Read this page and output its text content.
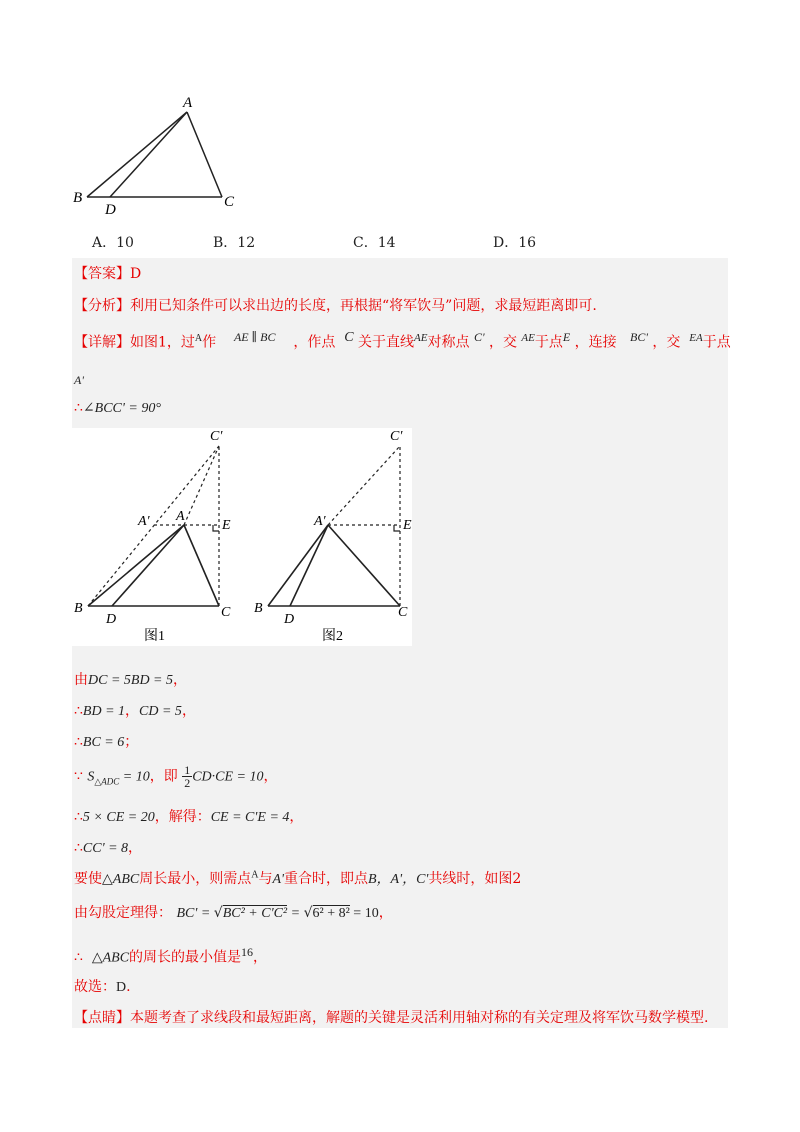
A
B	C
D
A．10	B．12	C．14	D．16
【答案】D
【分析】利用已知条件可以求出边的长度，再根据“将军饮马”问题，求最短距离即可.
【详解】如图1，过$^A$作 $^{AE \parallel BC}$ ，作点 $^C$ 关于直线$^{AE}$对称点 $^{C'}$ ，交 $^{AE}$于点$^E$ ，连接 $^{BC'}$ ，交 $^{EA}$于点
A'
∴∠BCC' = 90°
C′
A′ A
E
B
D	C
图1
C′
A′	E
B
D	C
图2
由DC = 5BD = 5，
∴BD = 1，CD = 5，
∴BC = 6；
∵ $S_{\triangle ADC} = 10$，即 $\frac{1}{2} CD\cdot CE = 10$，
∴5 × CE = 20，解得：CE = C'E = 4，
∴CC' = 8，
要使△ABC周长最小，则需点$^A$与A'重合时，即点B，A'，C'共线时，如图2
由勾股定理得： BC' = √BC² + C'C² = √6² + 8² = 10，
∴ △ABC的周长的最小值是$^{16}$，
故选：D.
【点睛】本题考查了求线段和最短距离，解题的关键是灵活利用轴对称的有关定理及将军饮马数学模型.
